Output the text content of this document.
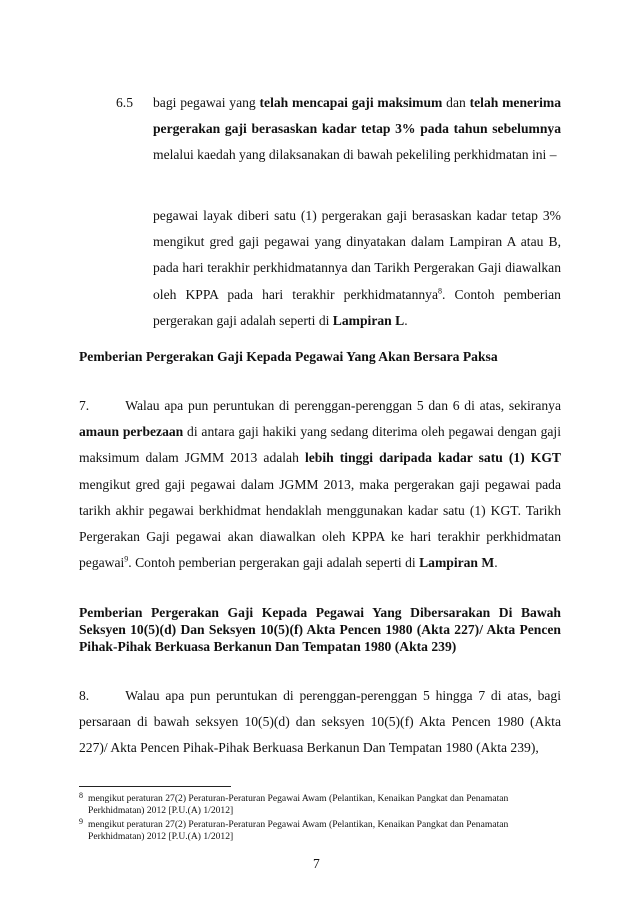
6.5 bagi pegawai yang telah mencapai gaji maksimum dan telah menerima pergerakan gaji berasaskan kadar tetap 3% pada tahun sebelumnya melalui kaedah yang dilaksanakan di bawah pekeliling perkhidmatan ini –
pegawai layak diberi satu (1) pergerakan gaji berasaskan kadar tetap 3% mengikut gred gaji pegawai yang dinyatakan dalam Lampiran A atau B, pada hari terakhir perkhidmatannya dan Tarikh Pergerakan Gaji diawalkan oleh KPPA pada hari terakhir perkhidmatannya$^8$. Contoh pemberian pergerakan gaji adalah seperti di Lampiran L.
Pemberian Pergerakan Gaji Kepada Pegawai Yang Akan Bersara Paksa
7.	Walau apa pun peruntukan di perenggan-perenggan 5 dan 6 di atas, sekiranya amaun perbezaan di antara gaji hakiki yang sedang diterima oleh pegawai dengan gaji maksimum dalam JGMM 2013 adalah lebih tinggi daripada kadar satu (1) KGT mengikut gred gaji pegawai dalam JGMM 2013, maka pergerakan gaji pegawai pada tarikh akhir pegawai berkhidmat hendaklah menggunakan kadar satu (1) KGT. Tarikh Pergerakan Gaji pegawai akan diawalkan oleh KPPA ke hari terakhir perkhidmatan pegawai$^9$. Contoh pemberian pergerakan gaji adalah seperti di Lampiran M.
Pemberian Pergerakan Gaji Kepada Pegawai Yang Dibersarakan Di Bawah Seksyen 10(5)(d) Dan Seksyen 10(5)(f) Akta Pencen 1980 (Akta 227)/ Akta Pencen Pihak-Pihak Berkuasa Berkanun Dan Tempatan 1980 (Akta 239)
8.	Walau apa pun peruntukan di perenggan-perenggan 5 hingga 7 di atas, bagi persaraan di bawah seksyen 10(5)(d) dan seksyen 10(5)(f) Akta Pencen 1980 (Akta 227)/ Akta Pencen Pihak-Pihak Berkuasa Berkanun Dan Tempatan 1980 (Akta 239),
8 mengikut peraturan 27(2) Peraturan-Peraturan Pegawai Awam (Pelantikan, Kenaikan Pangkat dan Penamatan Perkhidmatan) 2012 [P.U.(A) 1/2012]
9 mengikut peraturan 27(2) Peraturan-Peraturan Pegawai Awam (Pelantikan, Kenaikan Pangkat dan Penamatan Perkhidmatan) 2012 [P.U.(A) 1/2012]
7
